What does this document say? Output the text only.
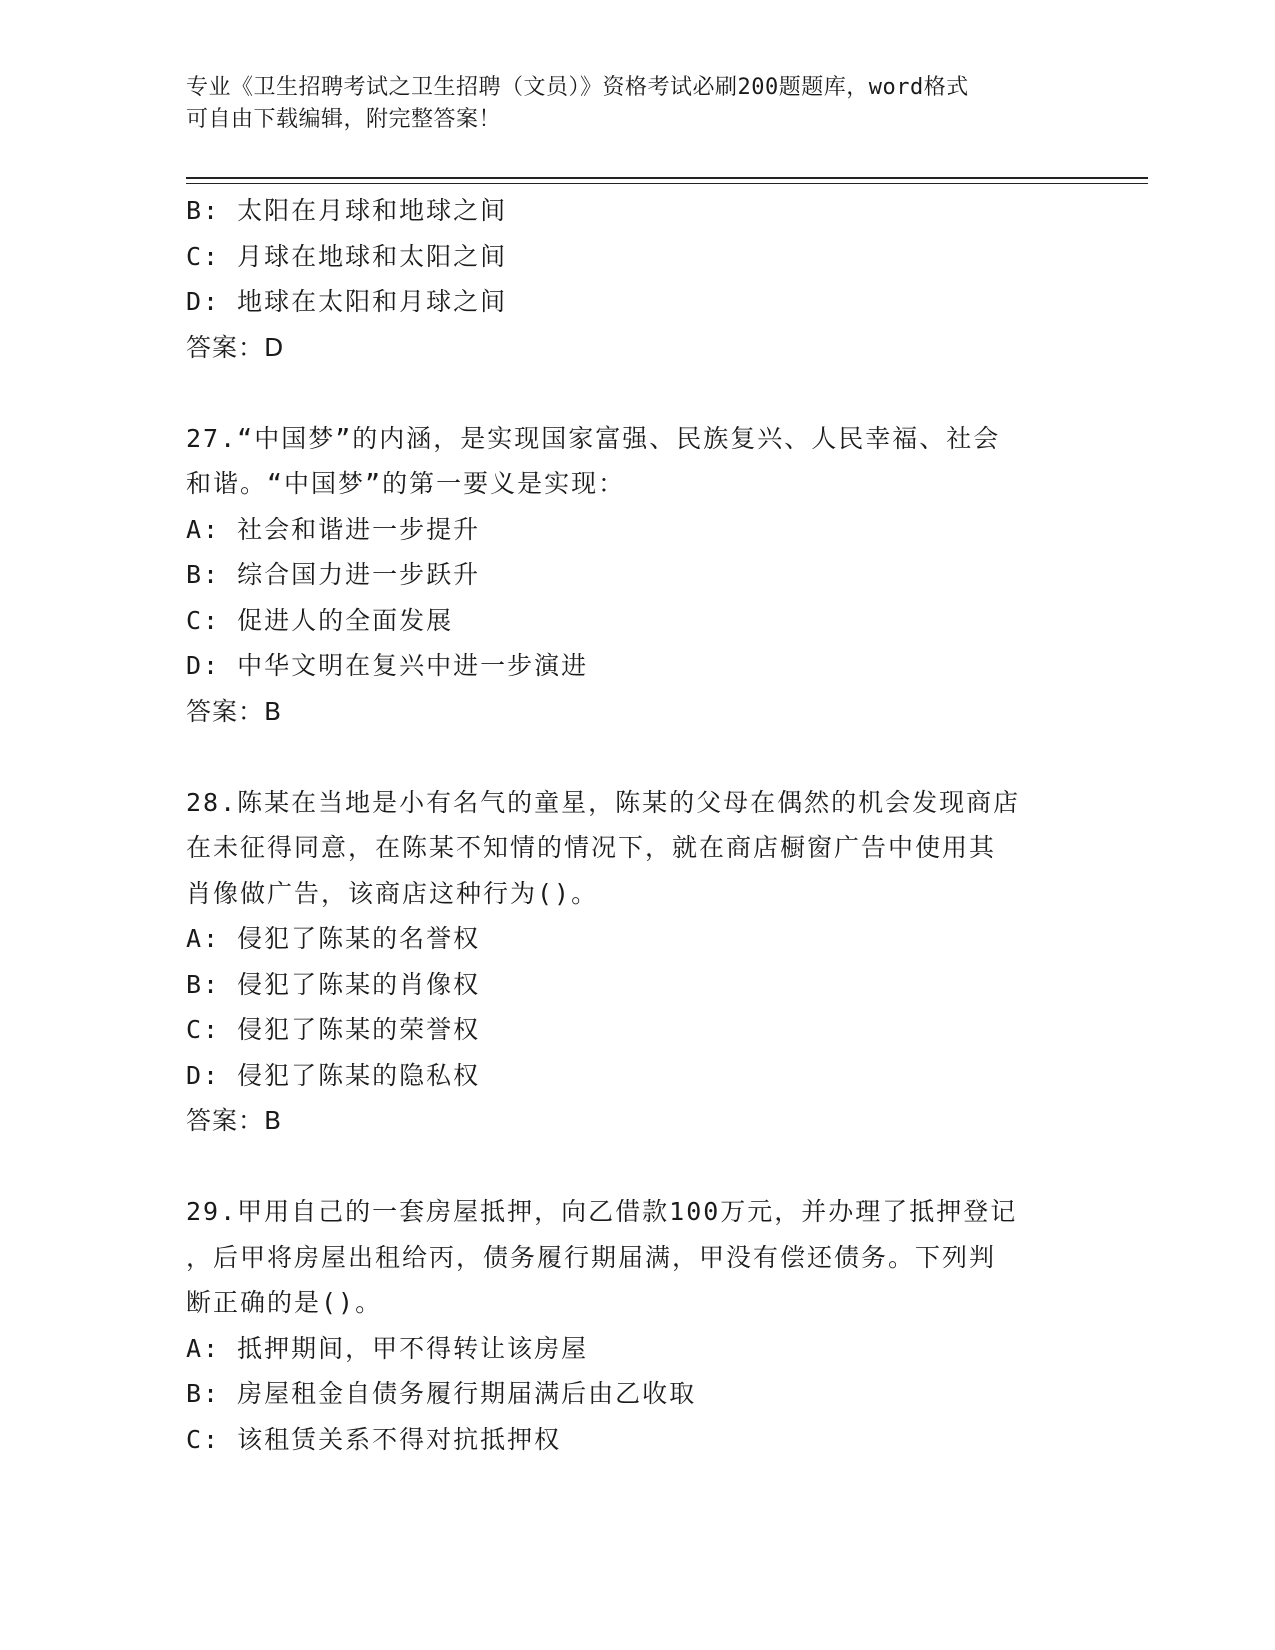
专业《卫生招聘考试之卫生招聘（文员）》资格考试必刷200题题库，word格式
可自由下载编辑，附完整答案！
B: 太阳在月球和地球之间
C: 月球在地球和太阳之间
D: 地球在太阳和月球之间
答案：D
27.“中国梦”的内涵，是实现国家富强、民族复兴、人民幸福、社会
和谐。“中国梦”的第一要义是实现：
A: 社会和谐进一步提升
B: 综合国力进一步跃升
C: 促进人的全面发展
D: 中华文明在复兴中进一步演进
答案：B
28.陈某在当地是小有名气的童星，陈某的父母在偶然的机会发现商店
在未征得同意，在陈某不知情的情况下，就在商店橱窗广告中使用其
肖像做广告，该商店这种行为()。
A: 侵犯了陈某的名誉权
B: 侵犯了陈某的肖像权
C: 侵犯了陈某的荣誉权
D: 侵犯了陈某的隐私权
答案：B
29.甲用自己的一套房屋抵押，向乙借款100万元，并办理了抵押登记
，后甲将房屋出租给丙，债务履行期届满，甲没有偿还债务。下列判
断正确的是()。
A: 抵押期间，甲不得转让该房屋
B: 房屋租金自债务履行期届满后由乙收取
C: 该租赁关系不得对抗抵押权
